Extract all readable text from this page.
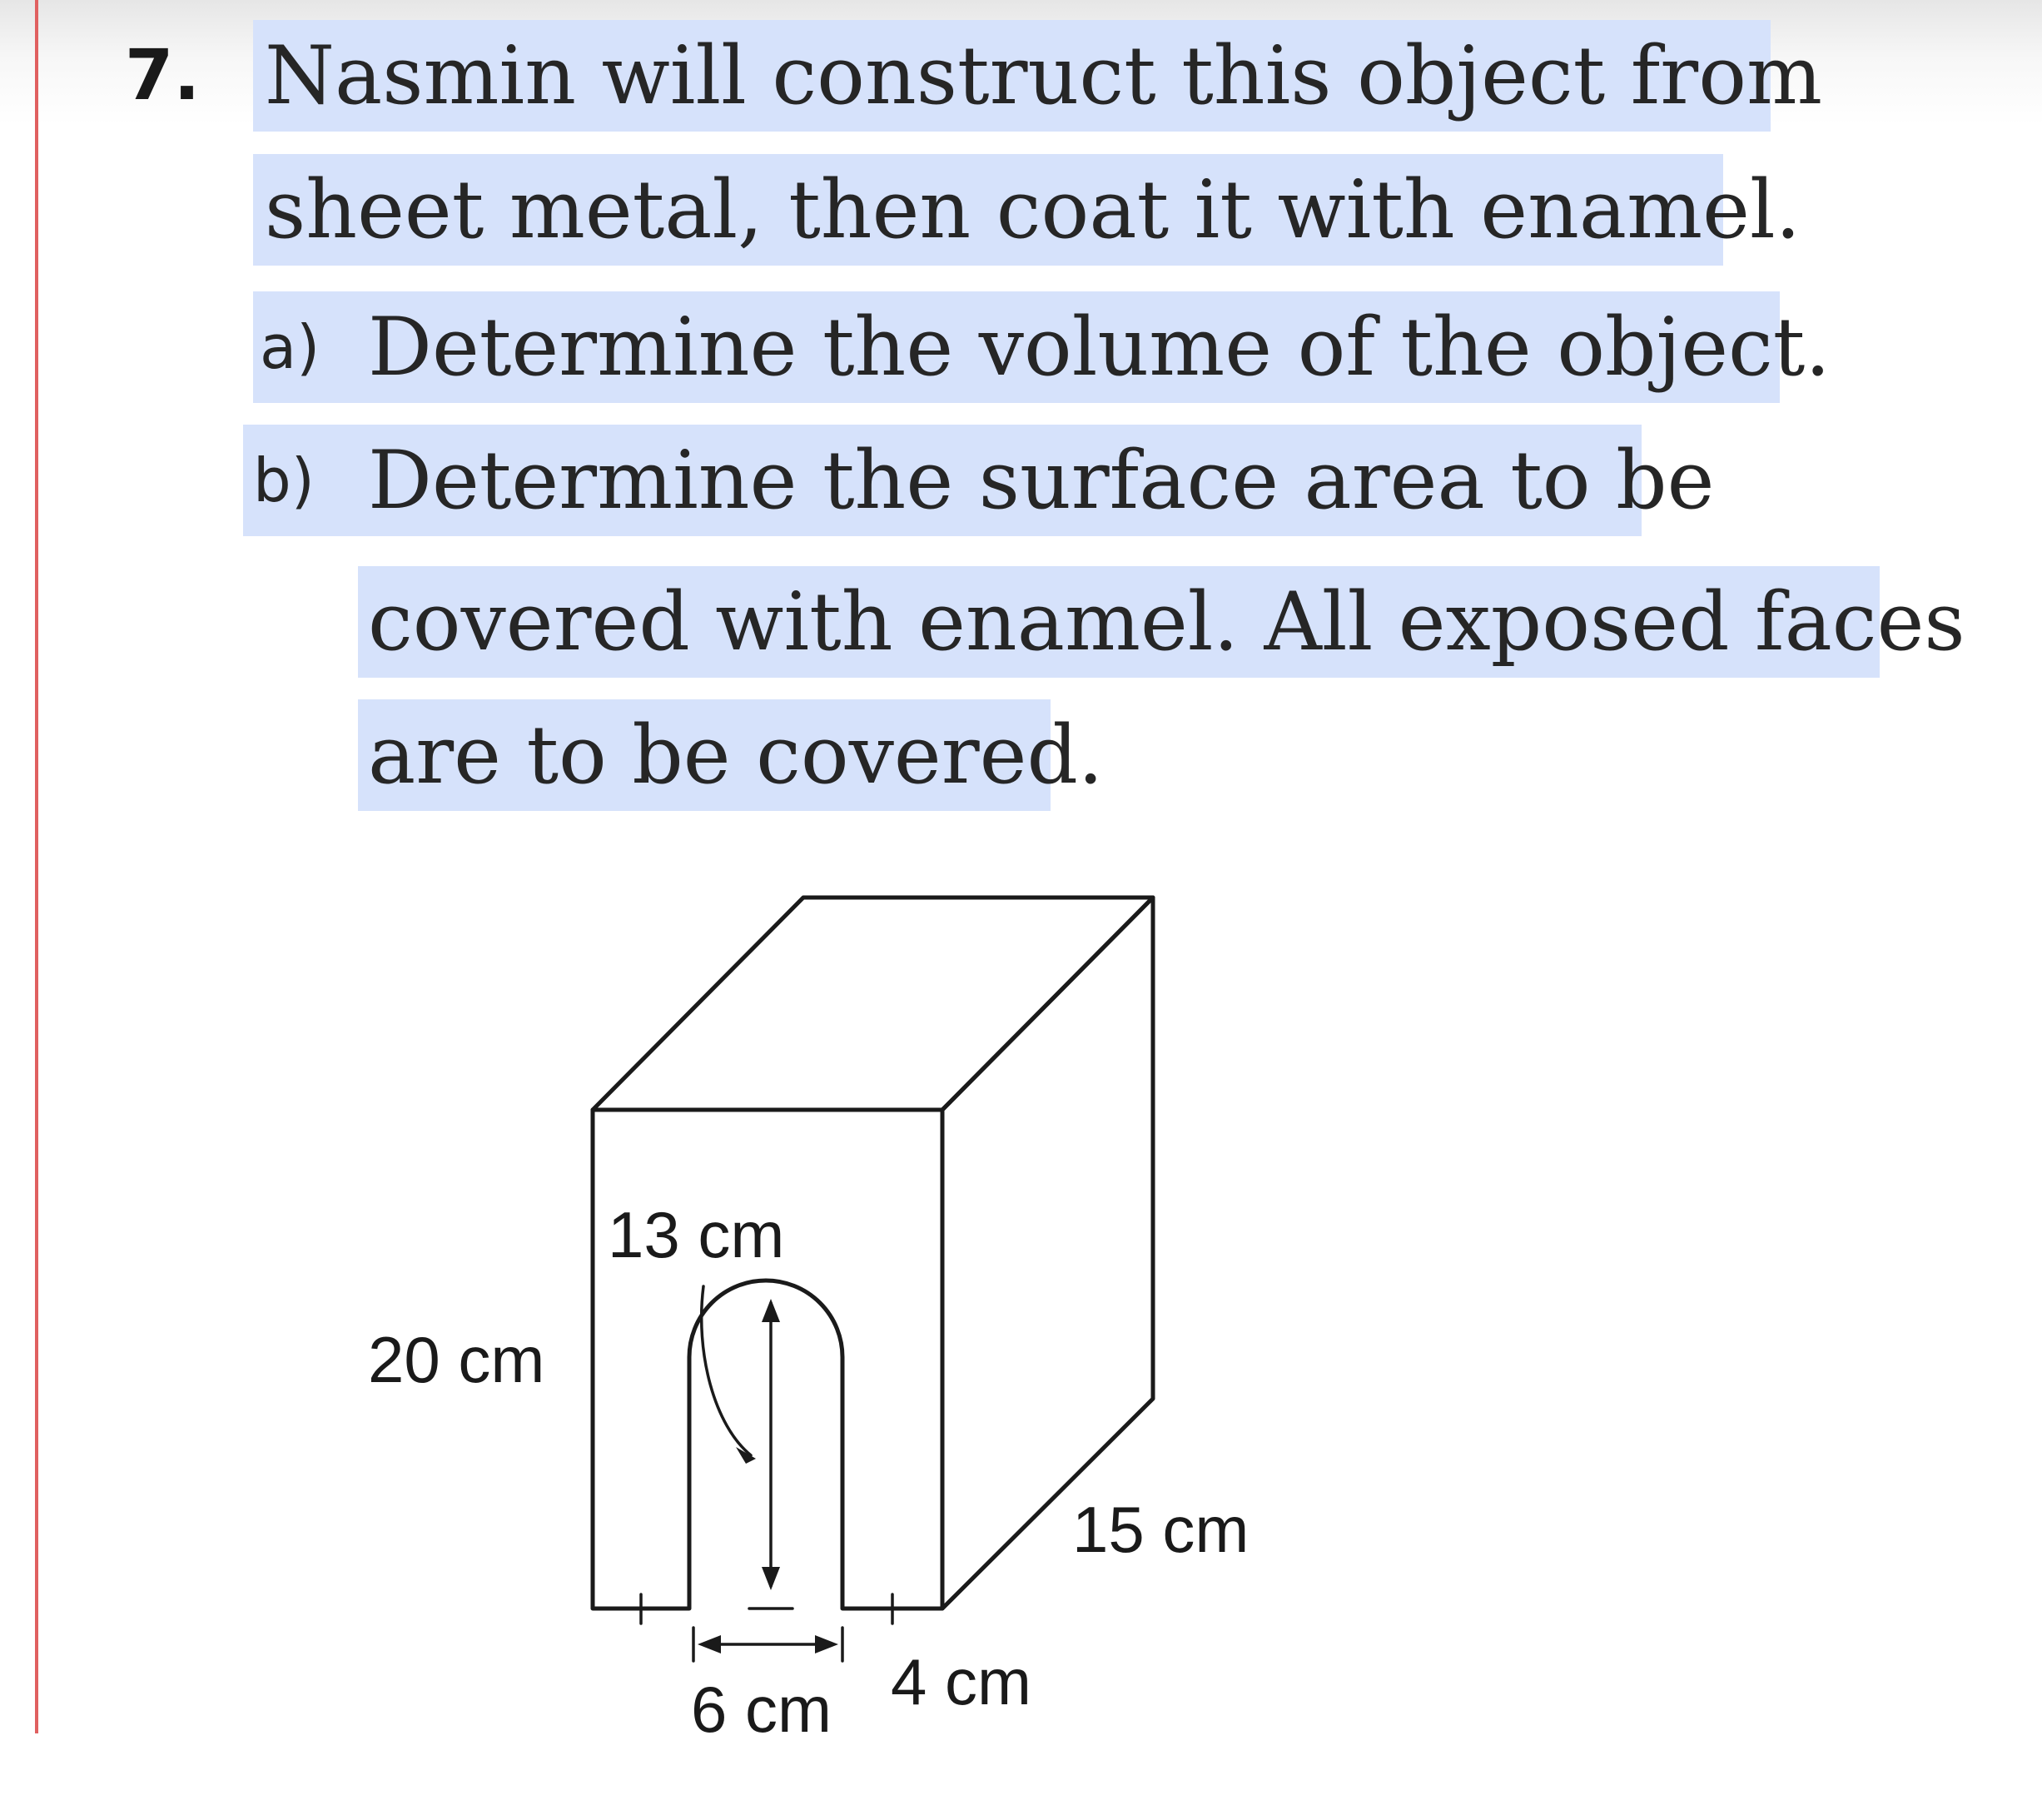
7. Nasmin will construct this object from
sheet metal, then coat it with enamel.
Determine the volume of the object.
a)
Determine the surface area to be
b)
covered with enamel. All exposed faces
are to be covered.
13 cm
20 cm
15 cm
6 cm 4 cm
